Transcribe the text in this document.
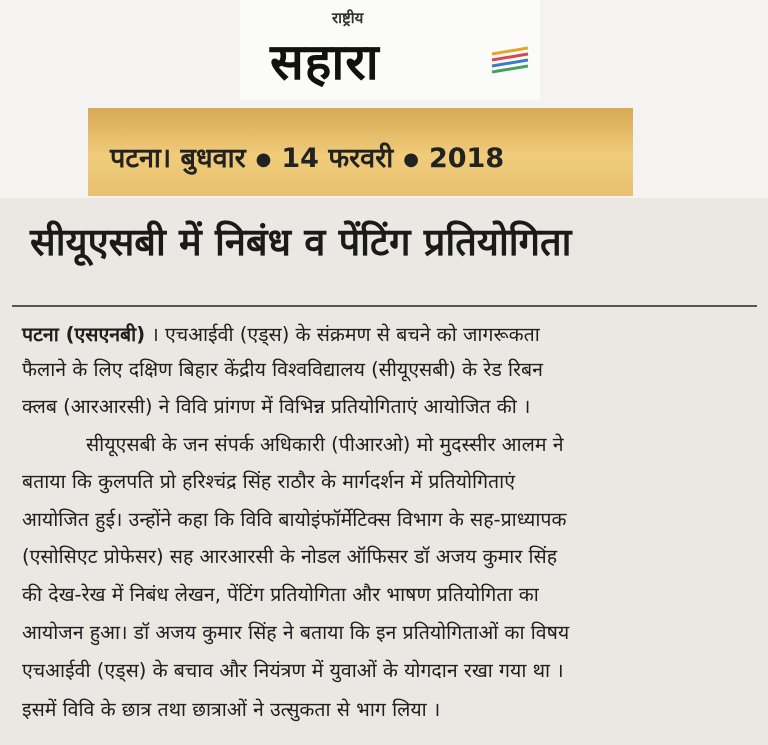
राष्ट्रीय
सहारा
पटना। बुधवार ● 14 फरवरी ● 2018
सीयूएसबी में निबंध व पेंटिंग प्रतियोगिता
पटना (एसएनबी) । एचआईवी (एड्स) के संक्रमण से बचने को जागरूकता
फैलाने के लिए दक्षिण बिहार केंद्रीय विश्वविद्यालय (सीयूएसबी) के रेड रिबन
क्लब (आरआरसी) ने विवि प्रांगण में विभिन्न प्रतियोगिताएं आयोजित की ।
सीयूएसबी के जन संपर्क अधिकारी (पीआरओ) मो मुदस्सीर आलम ने
बताया कि कुलपति प्रो हरिश्चंद्र सिंह राठौर के मार्गदर्शन में प्रतियोगिताएं
आयोजित हुई। उन्होंने कहा कि विवि बायोइंफॉर्मेटिक्स विभाग के सह-प्राध्यापक
(एसोसिएट प्रोफेसर) सह आरआरसी के नोडल ऑफिसर डॉ अजय कुमार सिंह
की देख-रेख में निबंध लेखन, पेंटिंग प्रतियोगिता और भाषण प्रतियोगिता का
आयोजन हुआ। डॉ अजय कुमार सिंह ने बताया कि इन प्रतियोगिताओं का विषय
एचआईवी (एड्स) के बचाव और नियंत्रण में युवाओं के योगदान रखा गया था ।
इसमें विवि के छात्र तथा छात्राओं ने उत्सुकता से भाग लिया ।
